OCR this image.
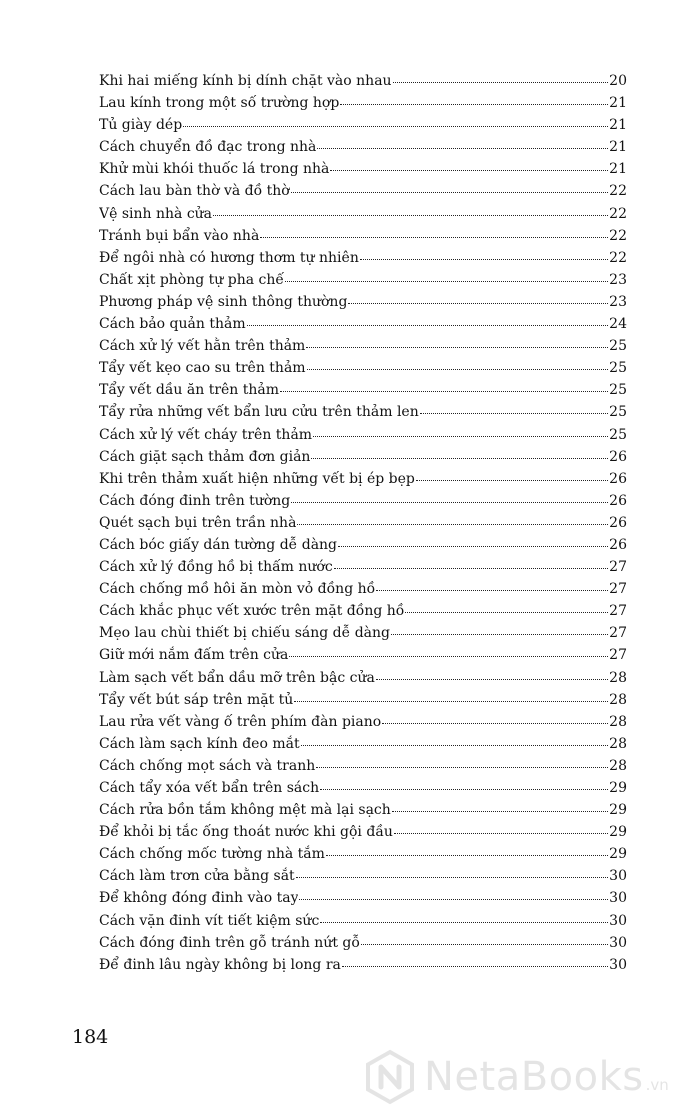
Khi hai miếng kính bị dính chặt vào nhau	20
Lau kính trong một số trường hợp	21
Tủ giày dép	21
Cách chuyển đồ đạc trong nhà	21
Khử mùi khói thuốc lá trong nhà	21
Cách lau bàn thờ và đồ thờ	22
Vệ sinh nhà cửa	22
Tránh bụi bẩn vào nhà	22
Để ngôi nhà có hương thơm tự nhiên	22
Chất xịt phòng tự pha chế	23
Phương pháp vệ sinh thông thường	23
Cách bảo quản thảm	24
Cách xử lý vết hằn trên thảm	25
Tẩy vết kẹo cao su trên thảm	25
Tẩy vết dầu ăn trên thảm	25
Tẩy rửa những vết bẩn lưu cửu trên thảm len	25
Cách xử lý vết cháy trên thảm	25
Cách giặt sạch thảm đơn giản	26
Khi trên thảm xuất hiện những vết bị ép bẹp	26
Cách đóng đinh trên tường	26
Quét sạch bụi trên trần nhà	26
Cách bóc giấy dán tường dễ dàng	26
Cách xử lý đồng hồ bị thấm nước	27
Cách chống mồ hôi ăn mòn vỏ đồng hồ	27
Cách khắc phục vết xước trên mặt đồng hồ	27
Mẹo lau chùi thiết bị chiếu sáng dễ dàng	27
Giữ mới nắm đấm trên cửa	27
Làm sạch vết bẩn dầu mỡ trên bậc cửa	28
Tẩy vết bút sáp trên mặt tủ	28
Lau rửa vết vàng ố trên phím đàn piano	28
Cách làm sạch kính đeo mắt	28
Cách chống mọt sách và tranh	28
Cách tẩy xóa vết bẩn trên sách	29
Cách rửa bồn tắm không mệt mà lại sạch	29
Để khỏi bị tắc ống thoát nước khi gội đầu	29
Cách chống mốc tường nhà tắm	29
Cách làm trơn cửa bằng sắt	30
Để không đóng đinh vào tay	30
Cách vặn đinh vít tiết kiệm sức	30
Cách đóng đinh trên gỗ tránh nứt gỗ	30
Để đinh lâu ngày không bị long ra	30
184
NetaBooks .vn
